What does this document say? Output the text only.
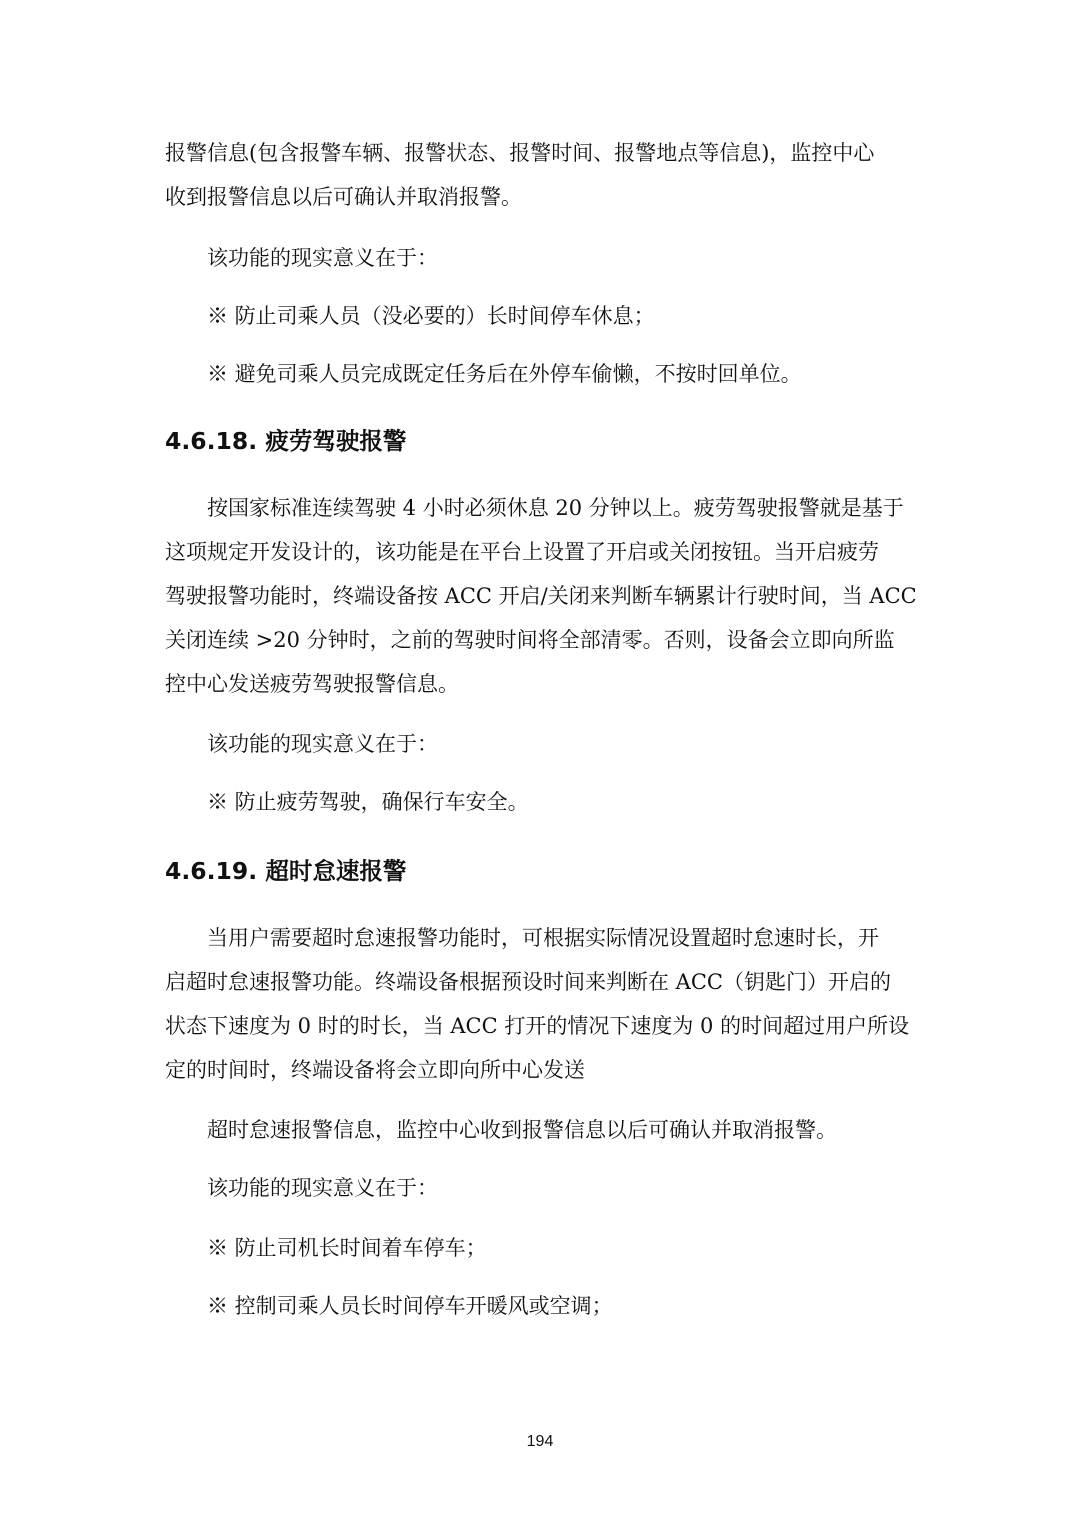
报警信息(包含报警车辆、报警状态、报警时间、报警地点等信息)，监控中心
收到报警信息以后可确认并取消报警。

该功能的现实意义在于：

※ 防止司乘人员（没必要的）长时间停车休息；

※ 避免司乘人员完成既定任务后在外停车偷懒，不按时回单位。

4.6.18. 疲劳驾驶报警

按国家标准连续驾驶 4 小时必须休息 20 分钟以上。疲劳驾驶报警就是基于
这项规定开发设计的，该功能是在平台上设置了开启或关闭按钮。当开启疲劳
驾驶报警功能时，终端设备按 ACC 开启/关闭来判断车辆累计行驶时间，当 ACC
关闭连续 >20 分钟时，之前的驾驶时间将全部清零。否则，设备会立即向所监
控中心发送疲劳驾驶报警信息。

该功能的现实意义在于：

※ 防止疲劳驾驶，确保行车安全。

4.6.19. 超时怠速报警

当用户需要超时怠速报警功能时，可根据实际情况设置超时怠速时长，开
启超时怠速报警功能。终端设备根据预设时间来判断在 ACC（钥匙门）开启的
状态下速度为 0 时的时长，当 ACC 打开的情况下速度为 0 的时间超过用户所设
定的时间时，终端设备将会立即向所中心发送

超时怠速报警信息，监控中心收到报警信息以后可确认并取消报警。

该功能的现实意义在于：

※ 防止司机长时间着车停车；

※ 控制司乘人员长时间停车开暖风或空调；

194
